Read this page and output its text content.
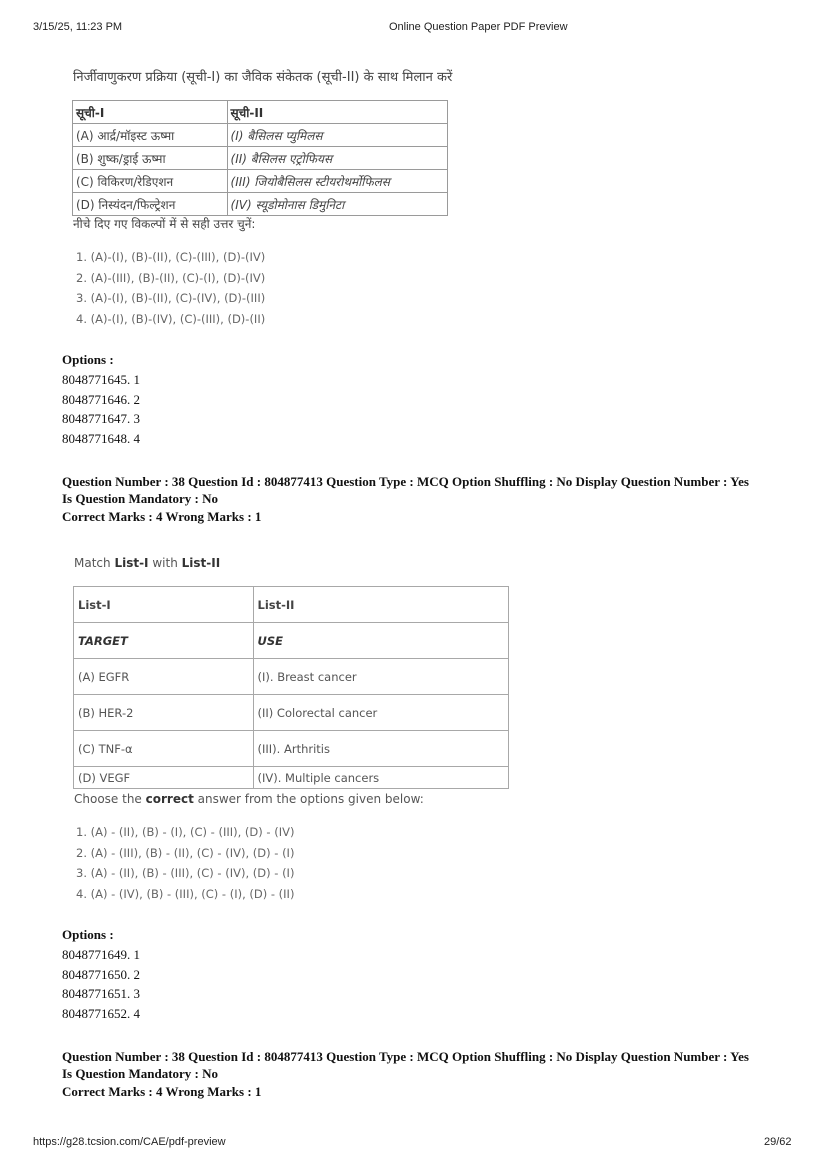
3/15/25, 11:23 PM	Online Question Paper PDF Preview
निर्जीवाणुकरण प्रक्रिया (सूची-I) का जैविक संकेतक (सूची-II) के साथ मिलान करें
सूची-I	सूची-II
(A) आर्द्र/मॉइस्ट ऊष्मा	(I) बैसिलस प्युमिलस
(B) शुष्क/ड्राई ऊष्मा	(II) बैसिलस एट्रोफियस
(C) विकिरण/रेडिएशन	(III) जियोबैसिलस स्टीयरोथर्मोफिलस
(D) निस्यंदन/फिल्ट्रेशन	(IV) स्यूडोमोनास डिमुनिटा
नीचे दिए गए विकल्पों में से सही उत्तर चुनें:
1. (A)-(I), (B)-(II), (C)-(III), (D)-(IV)
2. (A)-(III), (B)-(II), (C)-(I), (D)-(IV)
3. (A)-(I), (B)-(II), (C)-(IV), (D)-(III)
4. (A)-(I), (B)-(IV), (C)-(III), (D)-(II)
Options :
8048771645. 1
8048771646. 2
8048771647. 3
8048771648. 4
Question Number : 38 Question Id : 804877413 Question Type : MCQ Option Shuffling : No Display Question Number : Yes
Is Question Mandatory : No
Correct Marks : 4 Wrong Marks : 1
Match List-I with List-II
List-I	List-II
TARGET	USE
(A) EGFR	(I). Breast cancer
(B) HER-2	(II) Colorectal cancer
(C) TNF-α	(III). Arthritis
(D) VEGF	(IV). Multiple cancers
Choose the correct answer from the options given below:
1. (A) - (II), (B) - (I), (C) - (III), (D) - (IV)
2. (A) - (III), (B) - (II), (C) - (IV), (D) - (I)
3. (A) - (II), (B) - (III), (C) - (IV), (D) - (I)
4. (A) - (IV), (B) - (III), (C) - (I), (D) - (II)
Options :
8048771649. 1
8048771650. 2
8048771651. 3
8048771652. 4
Question Number : 38 Question Id : 804877413 Question Type : MCQ Option Shuffling : No Display Question Number : Yes
Is Question Mandatory : No
Correct Marks : 4 Wrong Marks : 1
https://g28.tcsion.com/CAE/pdf-preview	29/62
